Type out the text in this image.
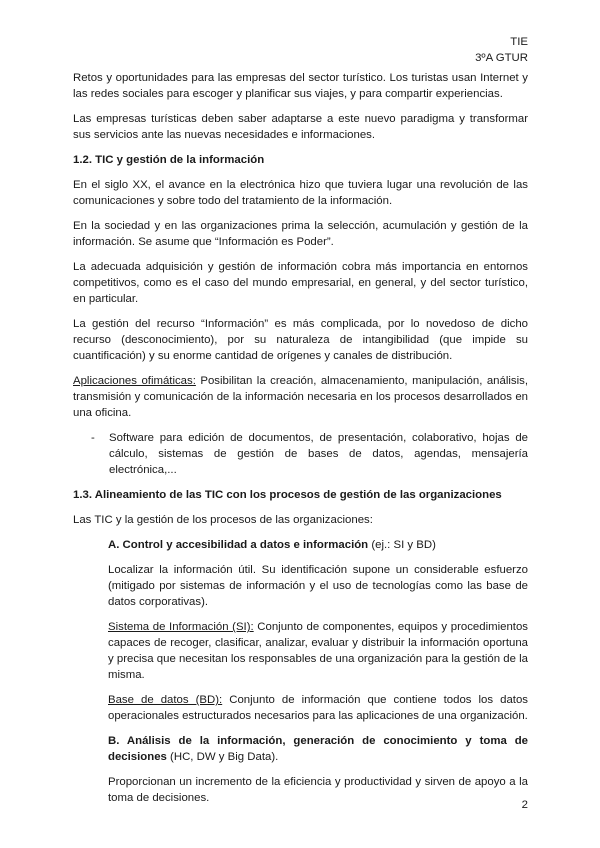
TIE
3ºA GTUR

Retos y oportunidades para las empresas del sector turístico. Los turistas usan Internet y las redes sociales para escoger y planificar sus viajes, y para compartir experiencias.

Las empresas turísticas deben saber adaptarse a este nuevo paradigma y transformar sus servicios ante las nuevas necesidades e informaciones.

1.2. TIC y gestión de la información

En el siglo XX, el avance en la electrónica hizo que tuviera lugar una revolución de las comunicaciones y sobre todo del tratamiento de la información.

En la sociedad y en las organizaciones prima la selección, acumulación y gestión de la información. Se asume que “Información es Poder”.

La adecuada adquisición y gestión de información cobra más importancia en entornos competitivos, como es el caso del mundo empresarial, en general, y del sector turístico, en particular.

La gestión del recurso “Información” es más complicada, por lo novedoso de dicho recurso (desconocimiento), por su naturaleza de intangibilidad (que impide su cuantificación) y su enorme cantidad de orígenes y canales de distribución.

Aplicaciones ofimáticas: Posibilitan la creación, almacenamiento, manipulación, análisis, transmisión y comunicación de la información necesaria en los procesos desarrollados en una oficina.

-	Software para edición de documentos, de presentación, colaborativo, hojas de cálculo, sistemas de gestión de bases de datos, agendas, mensajería electrónica,...
1.3. Alineamiento de las TIC con los procesos de gestión de las organizaciones

Las TIC y la gestión de los procesos de las organizaciones:

A. Control y accesibilidad a datos e información (ej.: SI y BD)

Localizar la información útil. Su identificación supone un considerable esfuerzo (mitigado por sistemas de información y el uso de tecnologías como las base de datos corporativas).

Sistema de Información (SI): Conjunto de componentes, equipos y procedimientos capaces de recoger, clasificar, analizar, evaluar y distribuir la información oportuna y precisa que necesitan los responsables de una organización para la gestión de la misma.

Base de datos (BD): Conjunto de información que contiene todos los datos operacionales estructurados necesarios para las aplicaciones de una organización.

B. Análisis de la información, generación de conocimiento y toma de decisiones (HC, DW y Big Data).

Proporcionan un incremento de la eficiencia y productividad y sirven de apoyo a la toma de decisiones.

2
